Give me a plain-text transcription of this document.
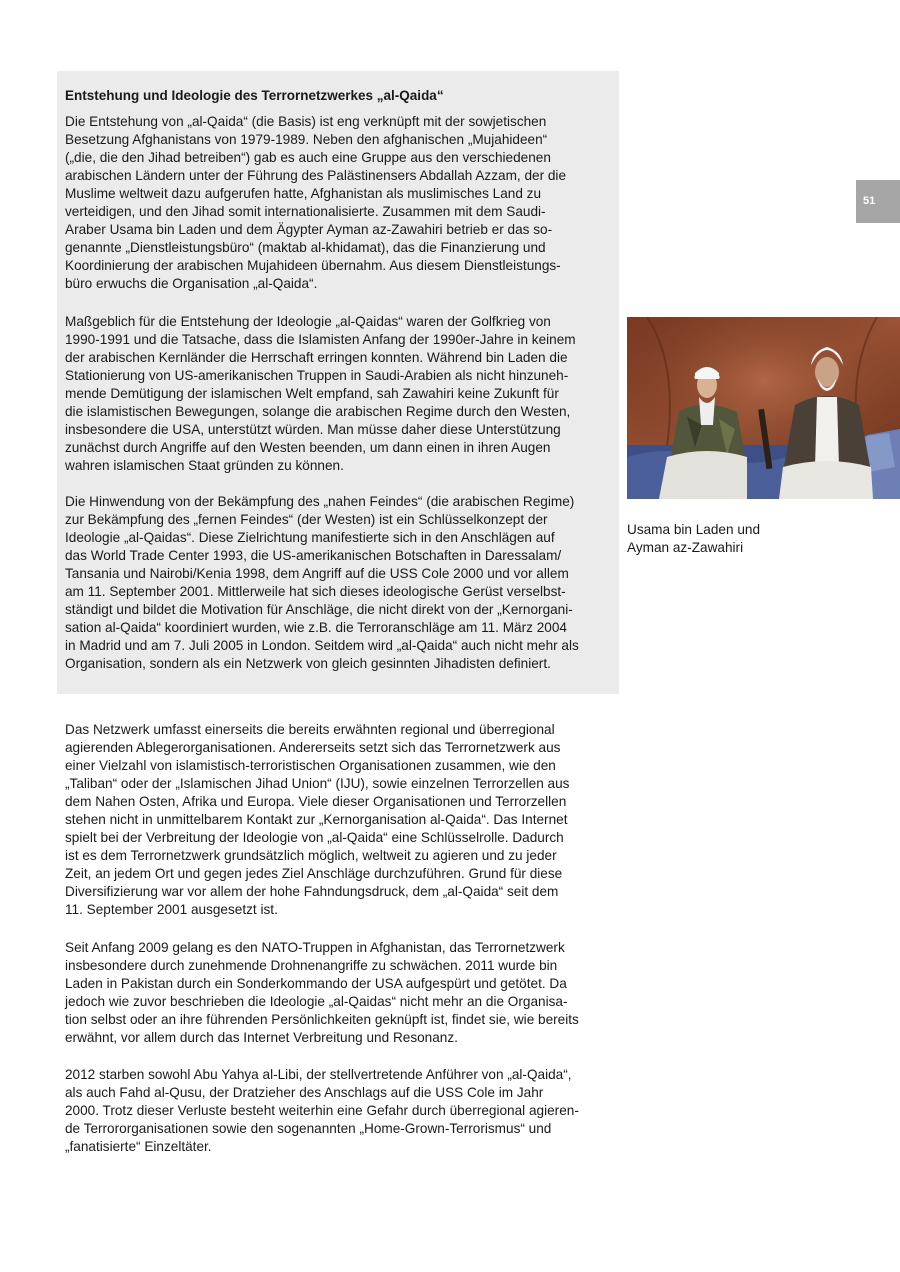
Entstehung und Ideologie des Terrornetzwerkes „al-Qaida“

Die Entstehung von „al-Qaida“ (die Basis) ist eng verknüpft mit der sowjetischen
Besetzung Afghanistans von 1979-1989. Neben den afghanischen „Mujahideen“
(„die, die den Jihad betreiben“) gab es auch eine Gruppe aus den verschiedenen
arabischen Ländern unter der Führung des Palästinensers Abdallah Azzam, der die
Muslime weltweit dazu aufgerufen hatte, Afghanistan als muslimisches Land zu
verteidigen, und den Jihad somit internationalisierte. Zusammen mit dem Saudi-
Araber Usama bin Laden und dem Ägypter Ayman az-Zawahiri betrieb er das so-
genannte „Dienstleistungsbüro“ (maktab al-khidamat), das die Finanzierung und
Koordinierung der arabischen Mujahideen übernahm. Aus diesem Dienstleistungs-
büro erwuchs die Organisation „al-Qaida“.

Maßgeblich für die Entstehung der Ideologie „al-Qaidas“ waren der Golfkrieg von
1990-1991 und die Tatsache, dass die Islamisten Anfang der 1990er-Jahre in keinem
der arabischen Kernländer die Herrschaft erringen konnten. Während bin Laden die
Stationierung von US-amerikanischen Truppen in Saudi-Arabien als nicht hinzuneh-
mende Demütigung der islamischen Welt empfand, sah Zawahiri keine Zukunft für
die islamistischen Bewegungen, solange die arabischen Regime durch den Westen,
insbesondere die USA, unterstützt würden. Man müsse daher diese Unterstützung
zunächst durch Angriffe auf den Westen beenden, um dann einen in ihren Augen
wahren islamischen Staat gründen zu können.

Die Hinwendung von der Bekämpfung des „nahen Feindes“ (die arabischen Regime)
zur Bekämpfung des „fernen Feindes“ (der Westen) ist ein Schlüsselkonzept der
Ideologie „al-Qaidas“. Diese Zielrichtung manifestierte sich in den Anschlägen auf
das World Trade Center 1993, die US-amerikanischen Botschaften in Daressalam/
Tansania und Nairobi/Kenia 1998, dem Angriff auf die USS Cole 2000 und vor allem
am 11. September 2001. Mittlerweile hat sich dieses ideologische Gerüst verselbst-
ständigt und bildet die Motivation für Anschläge, die nicht direkt von der „Kernorgani-
sation al-Qaida“ koordiniert wurden, wie z.B. die Terroranschläge am 11. März 2004
in Madrid und am 7. Juli 2005 in London. Seitdem wird „al-Qaida“ auch nicht mehr als
Organisation, sondern als ein Netzwerk von gleich gesinnten Jihadisten definiert.

Das Netzwerk umfasst einerseits die bereits erwähnten regional und überregional
agierenden Ablegerorganisationen. Andererseits setzt sich das Terrornetzwerk aus
einer Vielzahl von islamistisch-terroristischen Organisationen zusammen, wie den
„Taliban“ oder der „Islamischen Jihad Union“ (IJU), sowie einzelnen Terrorzellen aus
dem Nahen Osten, Afrika und Europa. Viele dieser Organisationen und Terrorzellen
stehen nicht in unmittelbarem Kontakt zur „Kernorganisation al-Qaida“. Das Internet
spielt bei der Verbreitung der Ideologie von „al-Qaida“ eine Schlüsselrolle. Dadurch
ist es dem Terrornetzwerk grundsätzlich möglich, weltweit zu agieren und zu jeder
Zeit, an jedem Ort und gegen jedes Ziel Anschläge durchzuführen. Grund für diese
Diversifizierung war vor allem der hohe Fahndungsdruck, dem „al-Qaida“ seit dem
11. September 2001 ausgesetzt ist.

Seit Anfang 2009 gelang es den NATO-Truppen in Afghanistan, das Terrornetzwerk
insbesondere durch zunehmende Drohnenangriffe zu schwächen. 2011 wurde bin
Laden in Pakistan durch ein Sonderkommando der USA aufgespürt und getötet. Da
jedoch wie zuvor beschrieben die Ideologie „al-Qaidas“ nicht mehr an die Organisa-
tion selbst oder an ihre führenden Persönlichkeiten geknüpft ist, findet sie, wie bereits
erwähnt, vor allem durch das Internet Verbreitung und Resonanz.

2012 starben sowohl Abu Yahya al-Libi, der stellvertretende Anführer von „al-Qaida“,
als auch Fahd al-Qusu, der Dratzieher des Anschlags auf die USS Cole im Jahr
2000. Trotz dieser Verluste besteht weiterhin eine Gefahr durch überregional agieren-
de Terrororganisationen sowie den sogenannten „Home-Grown-Terrorismus“ und
„fanatisierte“ Einzeltäter.

51

Usama bin Laden und
Ayman az-Zawahiri
